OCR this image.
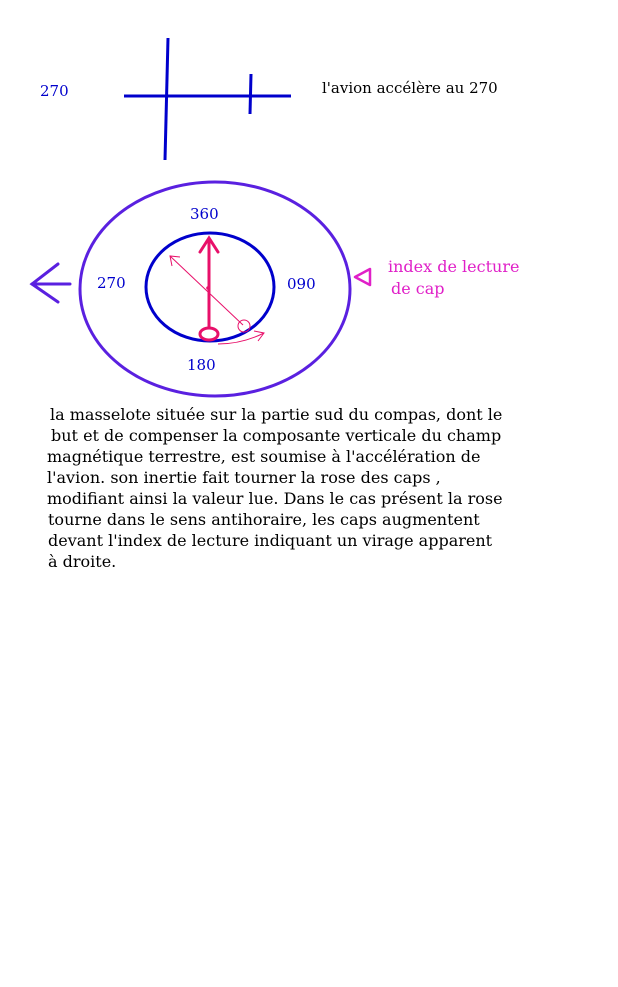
270	l'avion accélère au 270
360
270	090
180
index de lecture
de cap
la masselote située sur la partie sud du compas, dont le
but et de compenser la composante verticale du champ
magnétique terrestre, est soumise à l'accélération de
l'avion. son inertie fait tourner la rose des caps ,
modifiant ainsi la valeur lue. Dans le cas présent la rose
tourne dans le sens antihoraire, les caps augmentent
devant l'index de lecture indiquant un virage apparent
à droite.
